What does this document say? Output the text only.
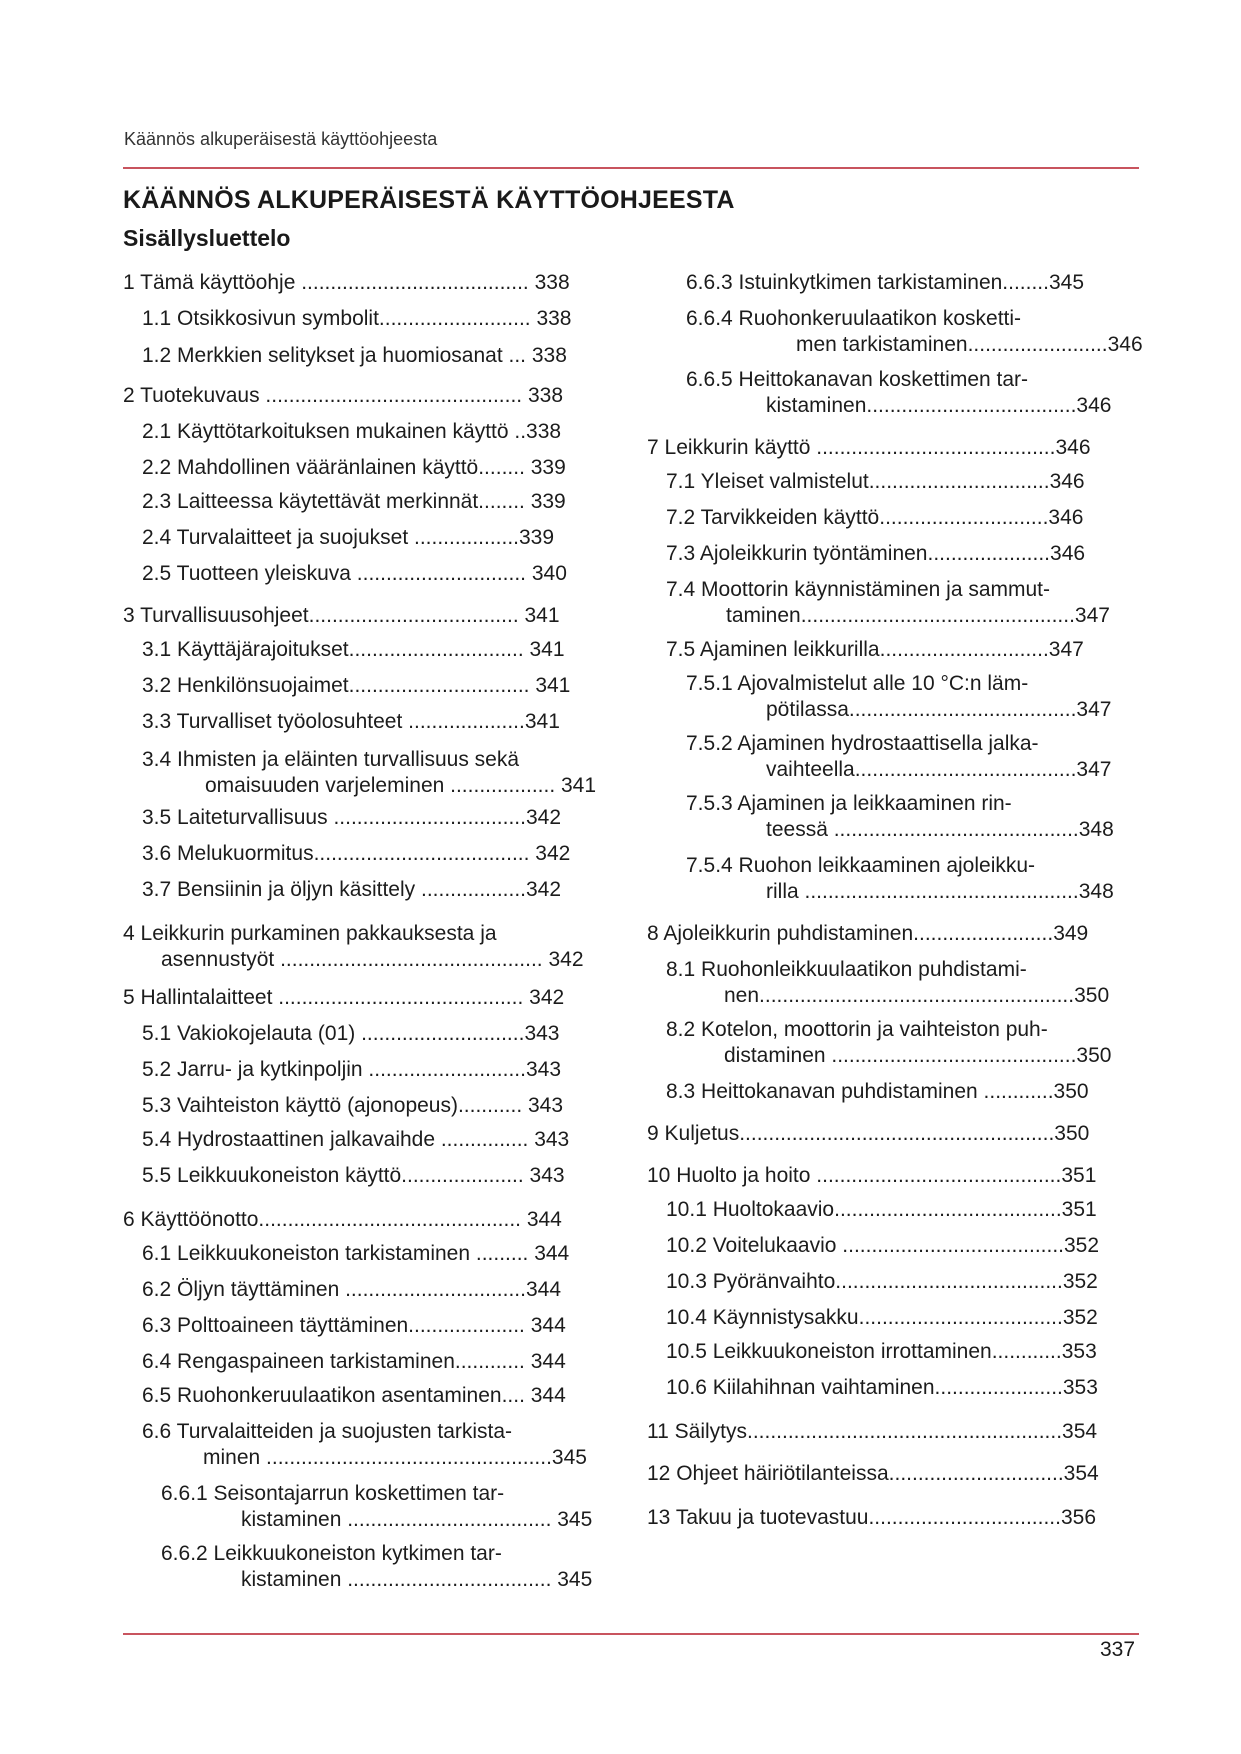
Käännös alkuperäisestä käyttöohjeesta
KÄÄNNÖS ALKUPERÄISESTÄ KÄYTTÖOHJEESTA
Sisällysluettelo
1 Tämä käyttöohje ....................................... 338
1.1 Otsikkosivun symbolit.......................... 338
1.2 Merkkien selitykset ja huomiosanat ... 338
2 Tuotekuvaus ............................................ 338
2.1 Käyttötarkoituksen mukainen käyttö ..338
2.2 Mahdollinen vääränlainen käyttö........ 339
2.3 Laitteessa käytettävät merkinnät........ 339
2.4 Turvalaitteet ja suojukset ..................339
2.5 Tuotteen yleiskuva ............................. 340
3 Turvallisuusohjeet.................................... 341
3.1 Käyttäjärajoitukset.............................. 341
3.2 Henkilönsuojaimet............................... 341
3.3 Turvalliset työolosuhteet ....................341
3.4 Ihmisten ja eläinten turvallisuus sekä
omaisuuden varjeleminen .................. 341
3.5 Laiteturvallisuus .................................342
3.6 Melukuormitus..................................... 342
3.7 Bensiinin ja öljyn käsittely ..................342
4 Leikkurin purkaminen pakkauksesta ja
asennustyöt ............................................. 342
5 Hallintalaitteet .......................................... 342
5.1 Vakiokojelauta (01) ............................343
5.2 Jarru- ja kytkinpoljin ...........................343
5.3 Vaihteiston käyttö (ajonopeus)........... 343
5.4 Hydrostaattinen jalkavaihde ............... 343
5.5 Leikkuukoneiston käyttö..................... 343
6 Käyttöönotto............................................. 344
6.1 Leikkuukoneiston tarkistaminen ......... 344
6.2 Öljyn täyttäminen ...............................344
6.3 Polttoaineen täyttäminen.................... 344
6.4 Rengaspaineen tarkistaminen............ 344
6.5 Ruohonkeruulaatikon asentaminen.... 344
6.6 Turvalaitteiden ja suojusten tarkista-
minen .................................................345
6.6.1 Seisontajarrun koskettimen tar-
kistaminen ................................... 345
6.6.2 Leikkuukoneiston kytkimen tar-
kistaminen ................................... 345
6.6.3 Istuinkytkimen tarkistaminen........345
6.6.4 Ruohonkeruulaatikon kosketti-
men tarkistaminen........................346
6.6.5 Heittokanavan koskettimen tar-
kistaminen....................................346
7 Leikkurin käyttö .........................................346
7.1 Yleiset valmistelut...............................346
7.2 Tarvikkeiden käyttö.............................346
7.3 Ajoleikkurin työntäminen.....................346
7.4 Moottorin käynnistäminen ja sammut-
taminen...............................................347
7.5 Ajaminen leikkurilla.............................347
7.5.1 Ajovalmistelut alle 10 °C:n läm-
pötilassa.......................................347
7.5.2 Ajaminen hydrostaattisella jalka-
vaihteella......................................347
7.5.3 Ajaminen ja leikkaaminen rin-
teessä ..........................................348
7.5.4 Ruohon leikkaaminen ajoleikku-
rilla ...............................................348
8 Ajoleikkurin puhdistaminen........................349
8.1 Ruohonleikkuulaatikon puhdistami-
nen......................................................350
8.2 Kotelon, moottorin ja vaihteiston puh-
distaminen ..........................................350
8.3 Heittokanavan puhdistaminen ............350
9 Kuljetus......................................................350
10 Huolto ja hoito ..........................................351
10.1 Huoltokaavio.......................................351
10.2 Voitelukaavio ......................................352
10.3 Pyöränvaihto.......................................352
10.4 Käynnistysakku...................................352
10.5 Leikkuukoneiston irrottaminen............353
10.6 Kiilahihnan vaihtaminen......................353
11 Säilytys......................................................354
12 Ohjeet häiriötilanteissa..............................354
13 Takuu ja tuotevastuu.................................356
337
